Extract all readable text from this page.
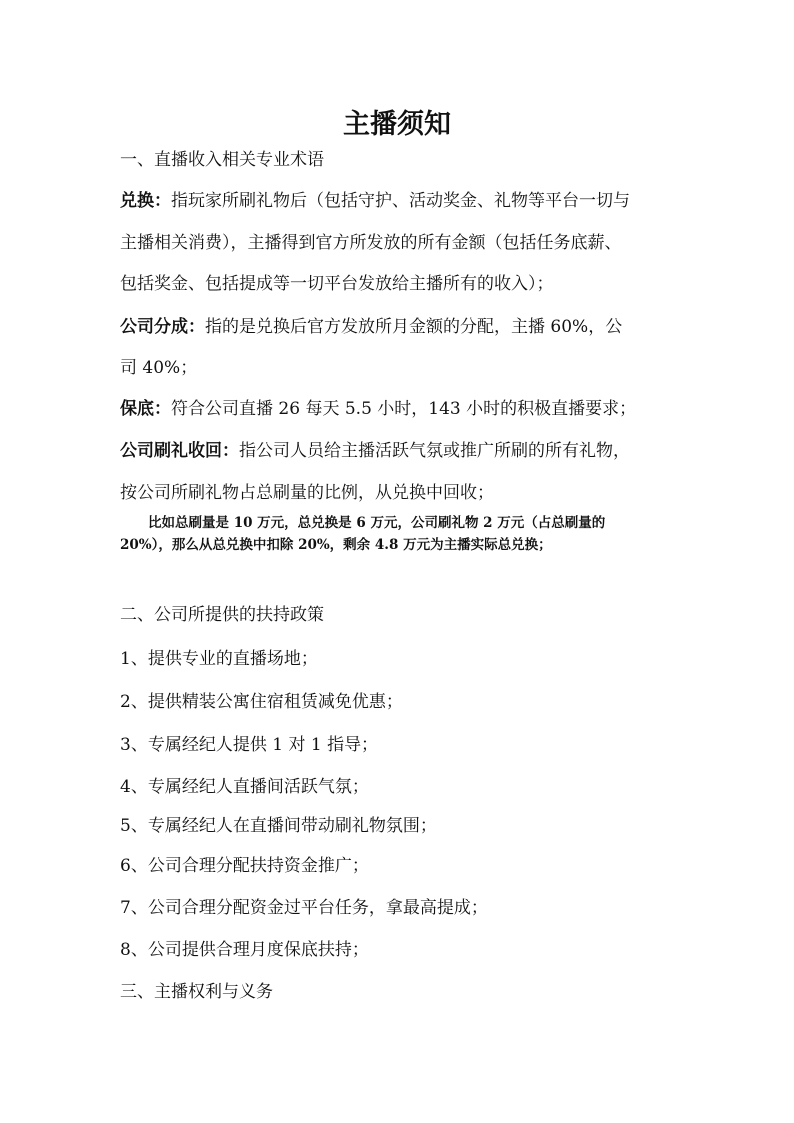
主播须知
一、直播收入相关专业术语
兑换：指玩家所刷礼物后（包括守护、活动奖金、礼物等平台一切与
主播相关消费），主播得到官方所发放的所有金额（包括任务底薪、
包括奖金、包括提成等一切平台发放给主播所有的收入）；
公司分成：指的是兑换后官方发放所月金额的分配，主播 60%，公
司 40%；
保底：符合公司直播 26 每天 5.5 小时，143 小时的积极直播要求；
公司刷礼收回：指公司人员给主播活跃气氛或推广所刷的所有礼物，
按公司所刷礼物占总刷量的比例，从兑换中回收；
比如总刷量是 10 万元，总兑换是 6 万元，公司刷礼物 2 万元（占总刷量的
20%），那么从总兑换中扣除 20%，剩余 4.8 万元为主播实际总兑换；
二、公司所提供的扶持政策
1、提供专业的直播场地；
2、提供精装公寓住宿租赁减免优惠；
3、专属经纪人提供 1 对 1 指导；
4、专属经纪人直播间活跃气氛；
5、专属经纪人在直播间带动刷礼物氛围；
6、公司合理分配扶持资金推广；
7、公司合理分配资金过平台任务，拿最高提成；
8、公司提供合理月度保底扶持；
三、主播权利与义务
